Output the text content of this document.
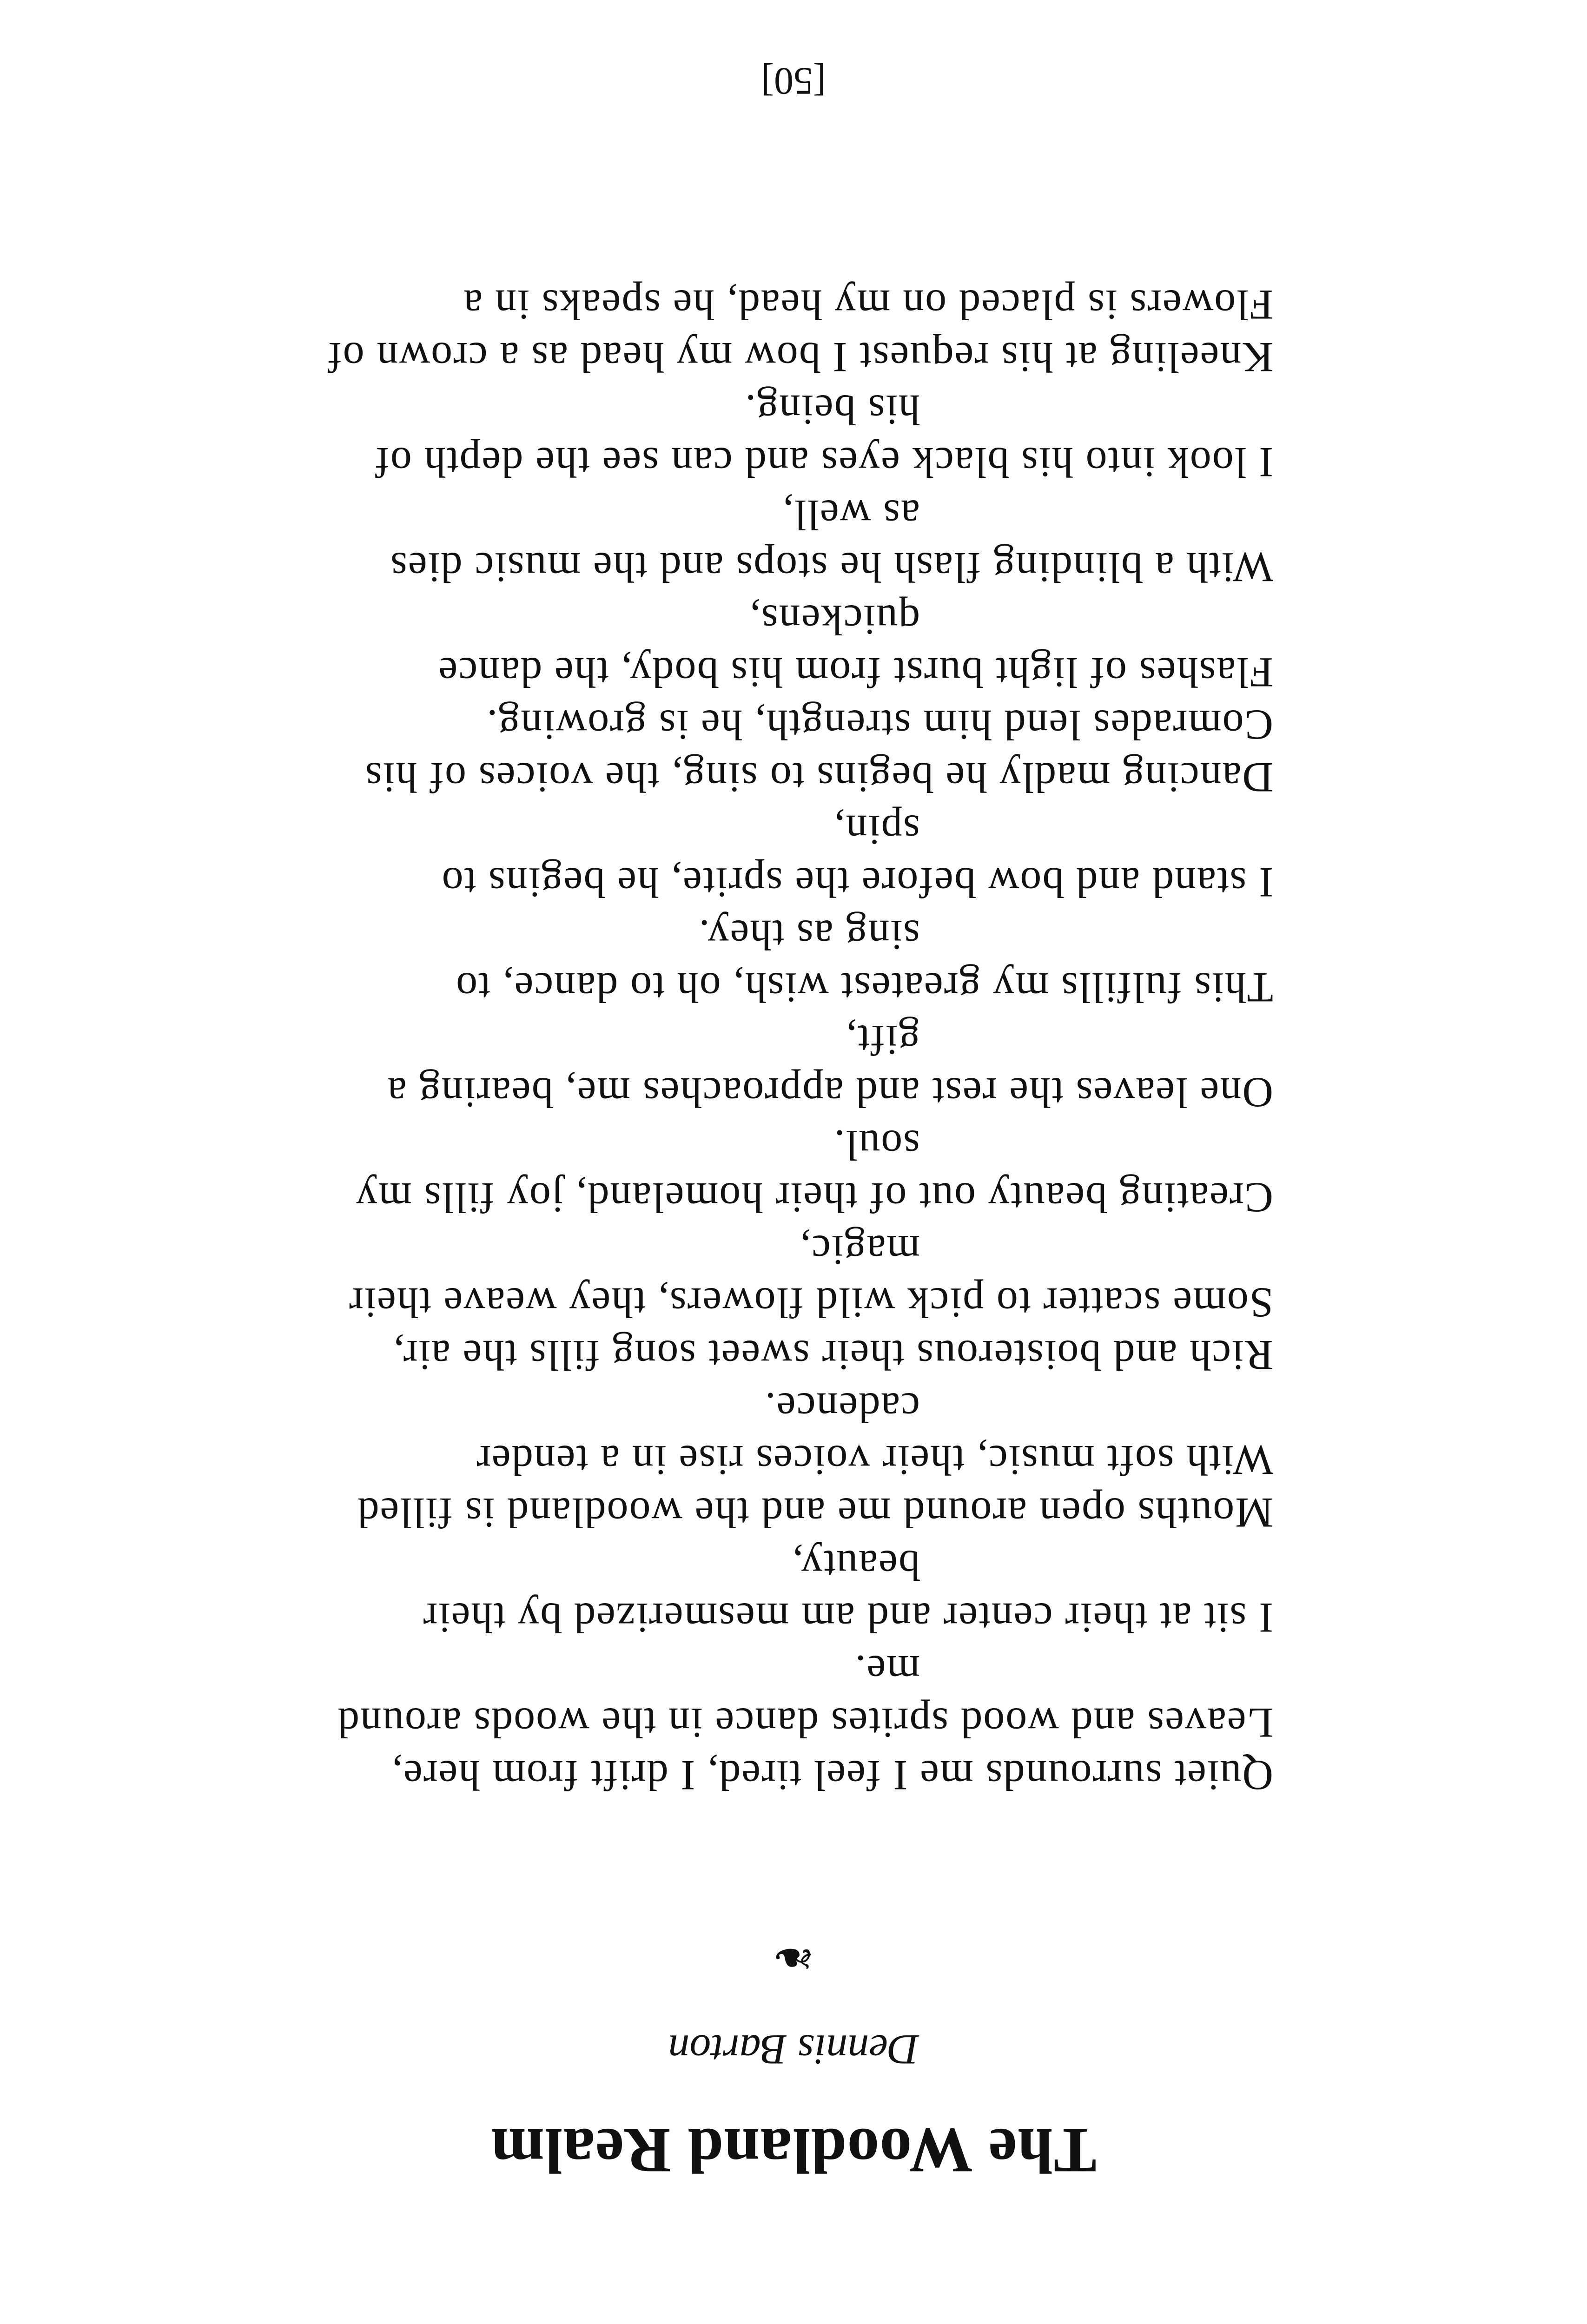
The Woodland Realm
Dennis Barton
❧
Quiet surrounds me I feel tired, I drift from here,
Leaves and wood sprites dance in the woods around
me.
I sit at their center and am mesmerized by their
beauty,
Mouths open around me and the woodland is filled
With soft music, their voices rise in a tender
cadence.
Rich and boisterous their sweet song fills the air,
Some scatter to pick wild flowers, they weave their
magic,
Creating beauty out of their homeland, joy fills my
soul.
One leaves the rest and approaches me, bearing a
gift,
This fulfills my greatest wish, oh to dance, to
sing as they.
I stand and bow before the sprite, he begins to
spin,
Dancing madly he begins to sing, the voices of his
Comrades lend him strength, he is growing.
Flashes of light burst from his body, the dance
quickens,
With a blinding flash he stops and the music dies
as well,
I look into his black eyes and can see the depth of
his being.
Kneeling at his request I bow my head as a crown of
Flowers is placed on my head, he speaks in a
[50]
